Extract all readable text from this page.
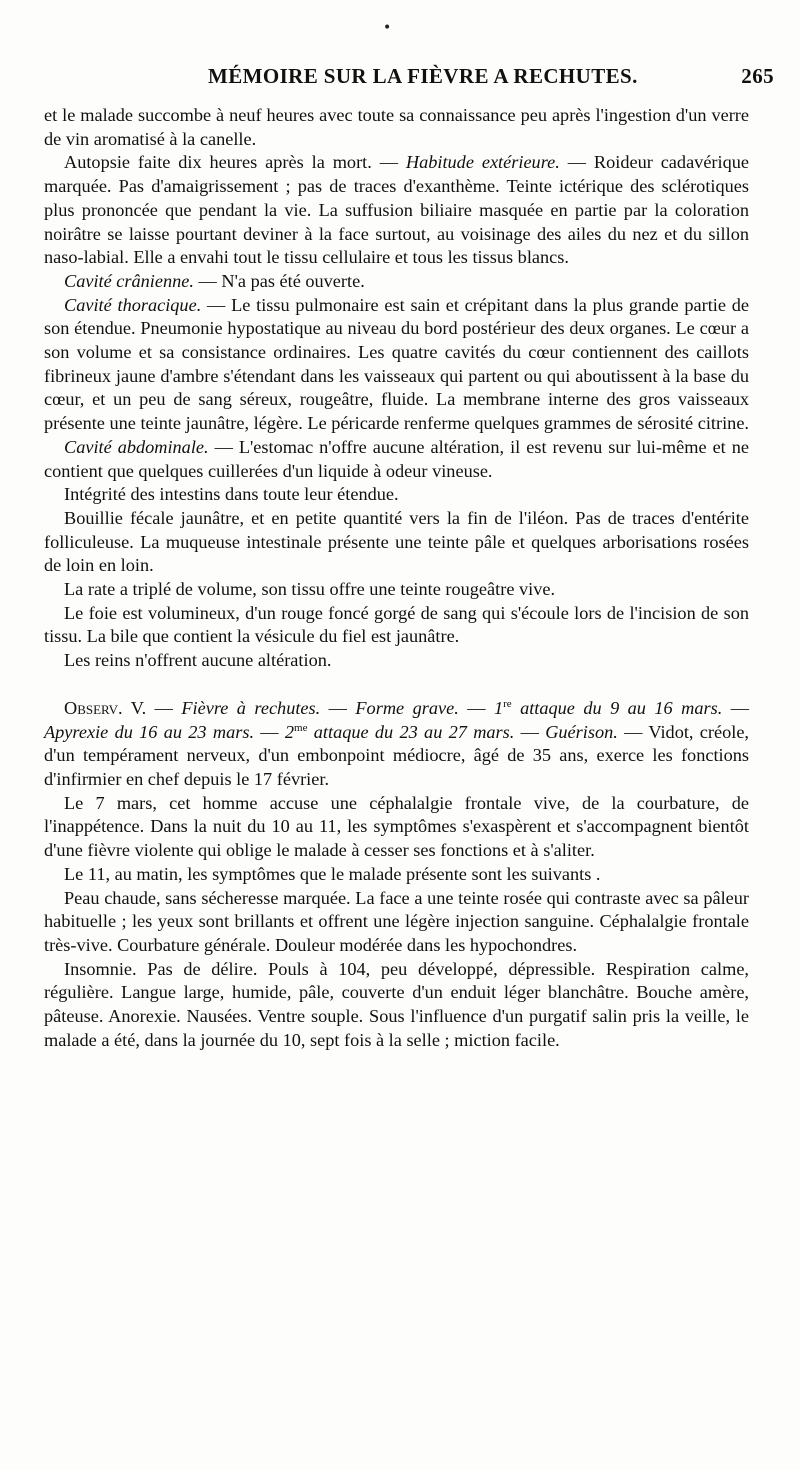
•
MÉMOIRE SUR LA FIÈVRE A RECHUTES.	265

et le malade succombe à neuf heures avec toute sa connaissance peu après l'ingestion d'un verre de vin aromatisé à la canelle.

Autopsie faite dix heures après la mort. — Habitude extérieure. — Roideur cadavérique marquée. Pas d'amaigrissement ; pas de traces d'exanthème. Teinte ictérique des sclérotiques plus prononcée que pendant la vie. La suffusion biliaire masquée en partie par la coloration noirâtre se laisse pourtant deviner à la face surtout, au voisinage des ailes du nez et du sillon naso-labial. Elle a envahi tout le tissu cellulaire et tous les tissus blancs.

Cavité crânienne. — N'a pas été ouverte.

Cavité thoracique. — Le tissu pulmonaire est sain et crépitant dans la plus grande partie de son étendue. Pneumonie hypostatique au niveau du bord postérieur des deux organes. Le cœur a son volume et sa consistance ordinaires. Les quatre cavités du cœur contiennent des caillots fibrineux jaune d'ambre s'étendant dans les vaisseaux qui partent ou qui aboutissent à la base du cœur, et un peu de sang séreux, rougeâtre, fluide. La membrane interne des gros vaisseaux présente une teinte jaunâtre, légère. Le péricarde renferme quelques grammes de sérosité citrine.

Cavité abdominale. — L'estomac n'offre aucune altération, il est revenu sur lui-même et ne contient que quelques cuillerées d'un liquide à odeur vineuse.

Intégrité des intestins dans toute leur étendue.

Bouillie fécale jaunâtre, et en petite quantité vers la fin de l'iléon. Pas de traces d'entérite folliculeuse. La muqueuse intestinale présente une teinte pâle et quelques arborisations rosées de loin en loin.

La rate a triplé de volume, son tissu offre une teinte rougeâtre vive.

Le foie est volumineux, d'un rouge foncé gorgé de sang qui s'écoule lors de l'incision de son tissu. La bile que contient la vésicule du fiel est jaunâtre.

Les reins n'offrent aucune altération.

Observ. V. — Fièvre à rechutes. — Forme grave. — 1re attaque du 9 au 16 mars. — Apyrexie du 16 au 23 mars. — $2^{me}$ attaque du 23 au 27 mars. — Guérison. — Vidot, créole, d'un tempérament nerveux, d'un embonpoint médiocre, âgé de 35 ans, exerce les fonctions d'infirmier en chef depuis le 17 février.

Le 7 mars, cet homme accuse une céphalalgie frontale vive, de la courbature, de l'inappétence. Dans la nuit du 10 au 11, les symptômes s'exaspèrent et s'accompagnent bientôt d'une fièvre violente qui oblige le malade à cesser ses fonctions et à s'aliter.

Le 11, au matin, les symptômes que le malade présente sont les suivants .

Peau chaude, sans sécheresse marquée. La face a une teinte rosée qui contraste avec sa pâleur habituelle ; les yeux sont brillants et offrent une légère injection sanguine. Céphalalgie frontale très-vive. Courbature générale. Douleur modérée dans les hypochondres.

Insomnie. Pas de délire. Pouls à 104, peu développé, dépressible. Respiration calme, régulière. Langue large, humide, pâle, couverte d'un enduit léger blanchâtre. Bouche amère, pâteuse. Anorexie. Nausées. Ventre souple. Sous l'influence d'un purgatif salin pris la veille, le malade a été, dans la journée du 10, sept fois à la selle ; miction facile.
